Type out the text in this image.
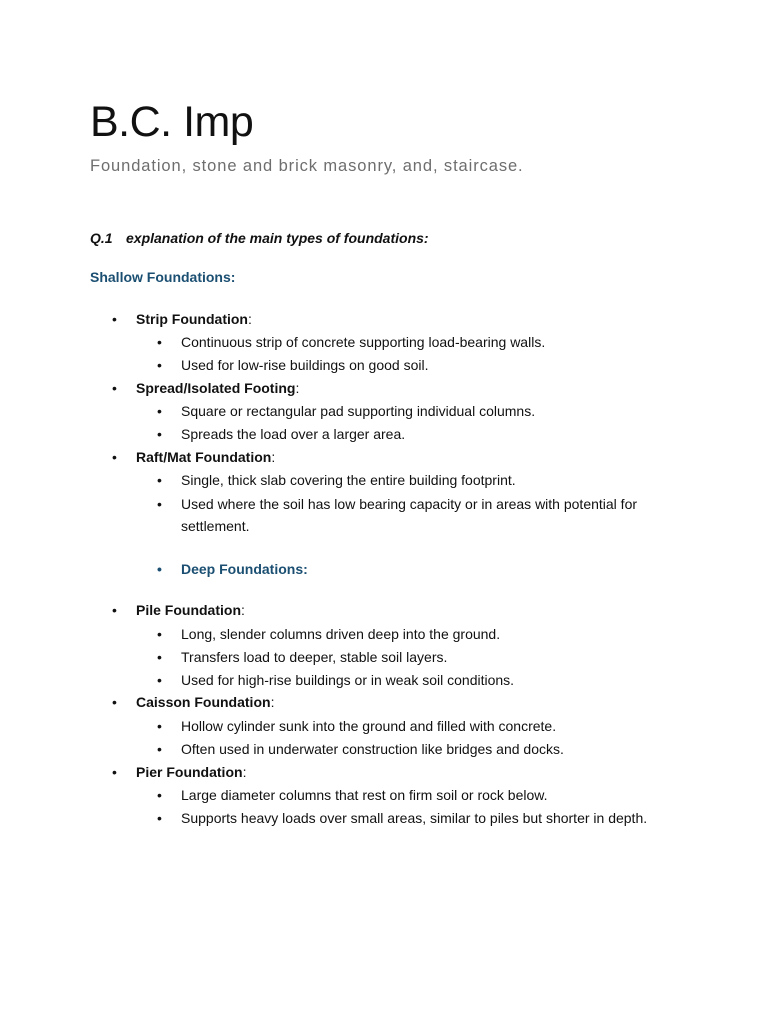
B.C. Imp

Foundation, stone and brick masonry, and, staircase.

Q.1 explanation of the main types of foundations:

Shallow Foundations:

• Strip Foundation:
• Continuous strip of concrete supporting load-bearing walls.
• Used for low-rise buildings on good soil.
• Spread/Isolated Footing:
• Square or rectangular pad supporting individual columns.
• Spreads the load over a larger area.
• Raft/Mat Foundation:
• Single, thick slab covering the entire building footprint.
• Used where the soil has low bearing capacity or in areas with potential for settlement.
• Deep Foundations:
• Pile Foundation:
• Long, slender columns driven deep into the ground.
• Transfers load to deeper, stable soil layers.
• Used for high-rise buildings or in weak soil conditions.
• Caisson Foundation:
• Hollow cylinder sunk into the ground and filled with concrete.
• Often used in underwater construction like bridges and docks.
• Pier Foundation:
• Large diameter columns that rest on firm soil or rock below.
• Supports heavy loads over small areas, similar to piles but shorter in depth.
